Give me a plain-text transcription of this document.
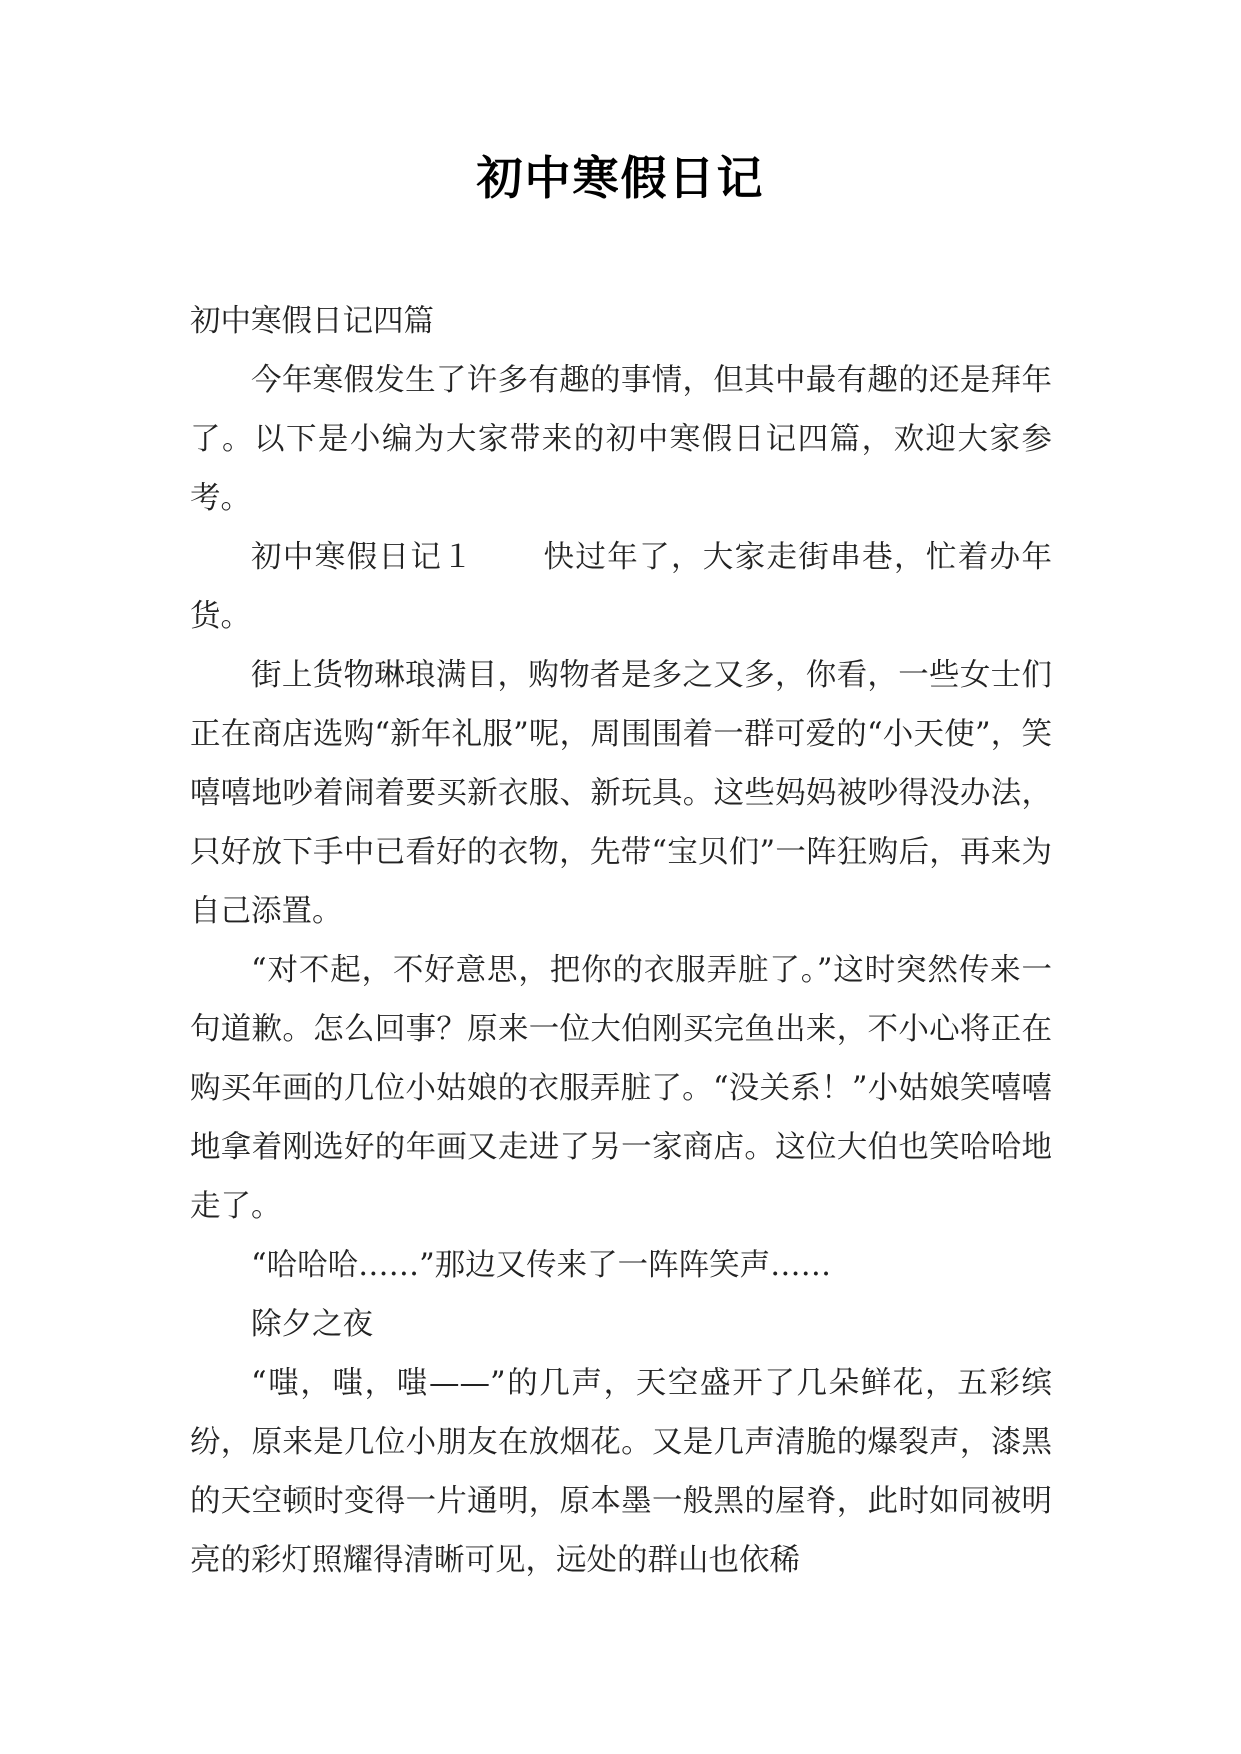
初中寒假日记

初中寒假日记四篇

今年寒假发生了许多有趣的事情，但其中最有趣的还是拜年了。以下是小编为大家带来的初中寒假日记四篇，欢迎大家参考。

初中寒假日记１ 快过年了，大家走街串巷，忙着办年货。

街上货物琳琅满目，购物者是多之又多，你看，一些女士们正在商店选购“新年礼服”呢，周围围着一群可爱的“小天使”，笑嘻嘻地吵着闹着要买新衣服、新玩具。这些妈妈被吵得没办法，只好放下手中已看好的衣物，先带“宝贝们”一阵狂购后，再来为自己添置。

“对不起，不好意思，把你的衣服弄脏了。”这时突然传来一句道歉。怎么回事？原来一位大伯刚买完鱼出来，不小心将正在购买年画的几位小姑娘的衣服弄脏了。“没关系！”小姑娘笑嘻嘻地拿着刚选好的年画又走进了另一家商店。这位大伯也笑哈哈地走了。

“哈哈哈……”那边又传来了一阵阵笑声……

除夕之夜

“嗤，嗤，嗤——”的几声，天空盛开了几朵鲜花，五彩缤纷，原来是几位小朋友在放烟花。又是几声清脆的爆裂声，漆黑的天空顿时变得一片通明，原本墨一般黑的屋脊，此时如同被明亮的彩灯照耀得清晰可见，远处的群山也依稀
